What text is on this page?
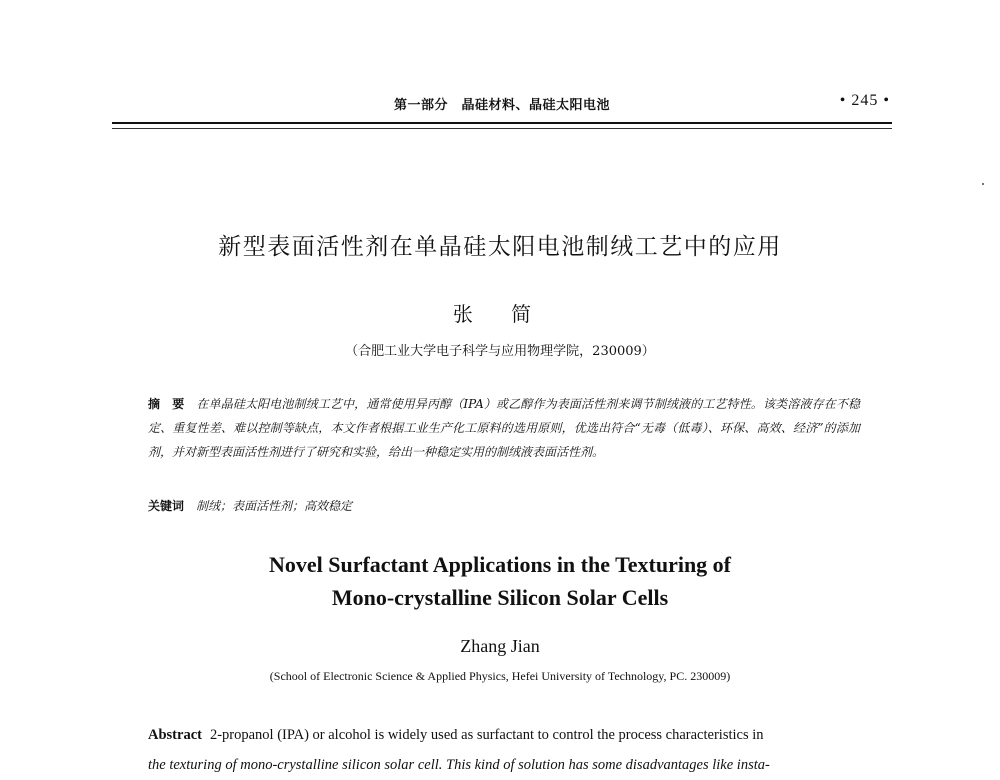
第一部分　晶硅材料、晶硅太阳电池	• 245 •
新型表面活性剂在单晶硅太阳电池制绒工艺中的应用
张 简
（合肥工业大学电子科学与应用物理学院，230009）
摘　要 在单晶硅太阳电池制绒工艺中，通常使用异丙醇（IPA）或乙醇作为表面活性剂来调节制绒液的工艺特性。该类溶液存在不稳定、重复性差、难以控制等缺点，本文作者根据工业生产化工原料的选用原则，优选出符合“无毒（低毒）、环保、高效、经济”的添加剂，并对新型表面活性剂进行了研究和实验，给出一种稳定实用的制绒液表面活性剂。
关键词 制绒；表面活性剂；高效稳定
Novel Surfactant Applications in the Texturing of
Mono-crystalline Silicon Solar Cells
Zhang Jian
(School of Electronic Science & Applied Physics, Hefei University of Technology, PC. 230009)
Abstract 2-propanol (IPA) or alcohol is widely used as surfactant to control the process characteristics in
the texturing of mono-crystalline silicon solar cell. This kind of solution has some disadvantages like insta-
